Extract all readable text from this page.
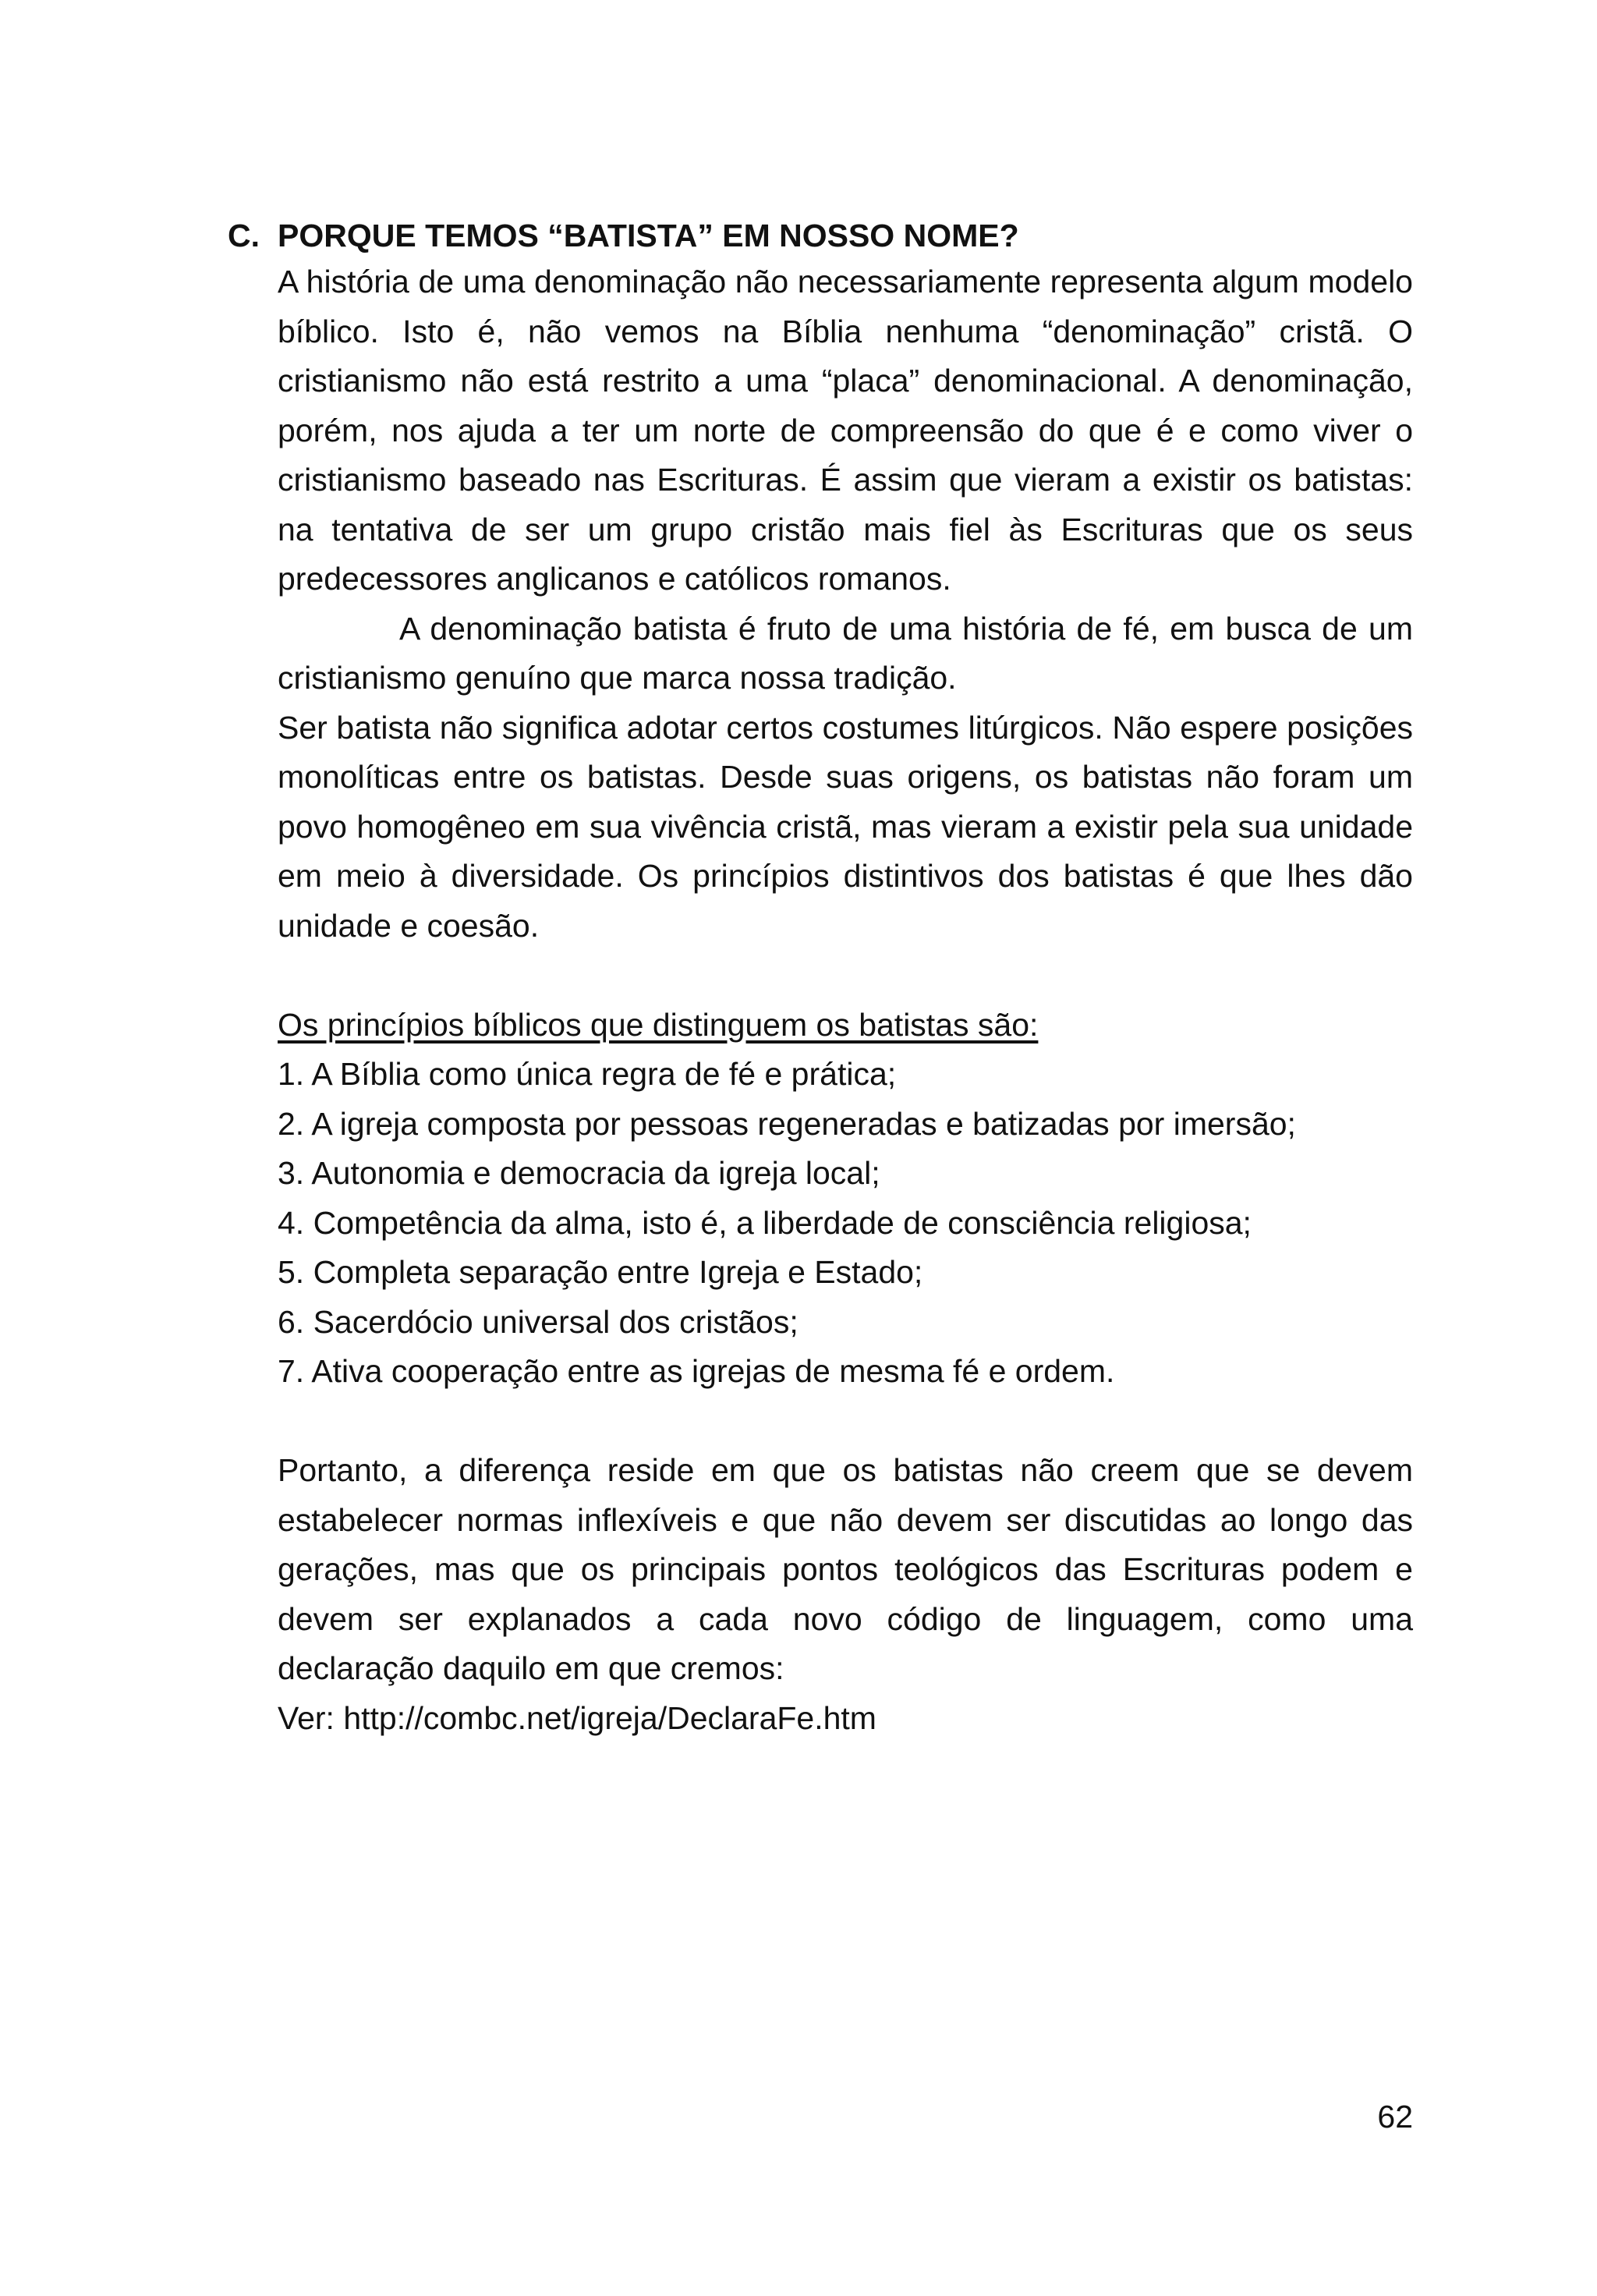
C. PORQUE TEMOS “BATISTA” EM NOSSO NOME?

A história de uma denominação não necessariamente representa algum modelo bíblico. Isto é, não vemos na Bíblia nenhuma “denominação” cristã. O cristianismo não está restrito a uma “placa” denominacional. A denominação, porém, nos ajuda a ter um norte de compreensão do que é e como viver o cristianismo baseado nas Escrituras. É assim que vieram a existir os batistas: na tentativa de ser um grupo cristão mais fiel às Escrituras que os seus predecessores anglicanos e católicos romanos.

A denominação batista é fruto de uma história de fé, em busca de um cristianismo genuíno que marca nossa tradição.

Ser batista não significa adotar certos costumes litúrgicos. Não espere posições monolíticas entre os batistas. Desde suas origens, os batistas não foram um povo homogêneo em sua vivência cristã, mas vieram a existir pela sua unidade em meio à diversidade. Os princípios distintivos dos batistas é que lhes dão unidade e coesão.

Os princípios bíblicos que distinguem os batistas são:

1. A Bíblia como única regra de fé e prática;
2. A igreja composta por pessoas regeneradas e batizadas por imersão;
3. Autonomia e democracia da igreja local;
4. Competência da alma, isto é, a liberdade de consciência religiosa;
5. Completa separação entre Igreja e Estado;
6. Sacerdócio universal dos cristãos;
7. Ativa cooperação entre as igrejas de mesma fé e ordem.

Portanto, a diferença reside em que os batistas não creem que se devem estabelecer normas inflexíveis e que não devem ser discutidas ao longo das gerações, mas que os principais pontos teológicos das Escrituras podem e devem ser explanados a cada novo código de linguagem, como uma declaração daquilo em que cremos:

Ver: http://combc.net/igreja/DeclaraFe.htm

62
